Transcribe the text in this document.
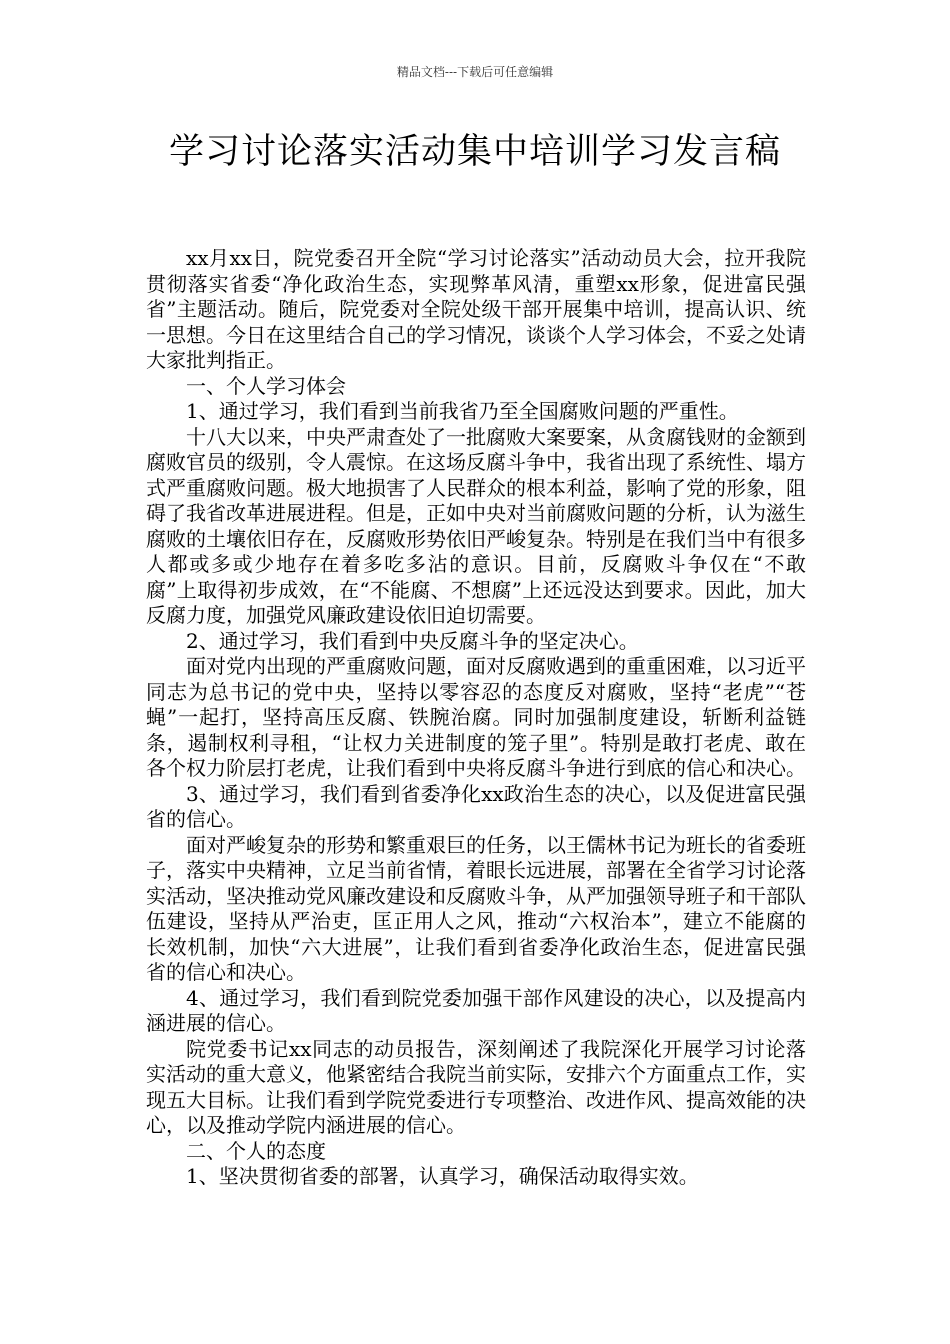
精品文档---下载后可任意编辑
学习讨论落实活动集中培训学习发言稿

xx月xx日，院党委召开全院“学习讨论落实”活动动员大会，拉开我院贯彻落实省委“净化政治生态，实现弊革风清，重塑xx形象，促进富民强省”主题活动。随后，院党委对全院处级干部开展集中培训，提高认识、统一思想。今日在这里结合自己的学习情况，谈谈个人学习体会，不妥之处请大家批判指正。

一、个人学习体会

1、通过学习，我们看到当前我省乃至全国腐败问题的严重性。

十八大以来，中央严肃查处了一批腐败大案要案，从贪腐钱财的金额到腐败官员的级别，令人震惊。在这场反腐斗争中，我省出现了系统性、塌方式严重腐败问题。极大地损害了人民群众的根本利益，影响了党的形象，阻碍了我省改革进展进程。但是，正如中央对当前腐败问题的分析，认为滋生腐败的土壤依旧存在，反腐败形势依旧严峻复杂。特别是在我们当中有很多人都或多或少地存在着多吃多沾的意识。目前，反腐败斗争仅在“不敢腐”上取得初步成效，在“不能腐、不想腐”上还远没达到要求。因此，加大反腐力度，加强党风廉政建设依旧迫切需要。

2、通过学习，我们看到中央反腐斗争的坚定决心。

面对党内出现的严重腐败问题，面对反腐败遇到的重重困难，以习近平同志为总书记的党中央，坚持以零容忍的态度反对腐败，坚持“老虎”“苍蝇”一起打，坚持高压反腐、铁腕治腐。同时加强制度建设，斩断利益链条，遏制权利寻租，“让权力关进制度的笼子里”。特别是敢打老虎、敢在各个权力阶层打老虎，让我们看到中央将反腐斗争进行到底的信心和决心。

3、通过学习，我们看到省委净化xx政治生态的决心，以及促进富民强省的信心。

面对严峻复杂的形势和繁重艰巨的任务，以王儒林书记为班长的省委班子，落实中央精神，立足当前省情，着眼长远进展，部署在全省学习讨论落实活动，坚决推动党风廉改建设和反腐败斗争，从严加强领导班子和干部队伍建设，坚持从严治吏，匡正用人之风，推动“六权治本”，建立不能腐的长效机制，加快“六大进展”，让我们看到省委净化政治生态，促进富民强省的信心和决心。

4、通过学习，我们看到院党委加强干部作风建设的决心，以及提高内涵进展的信心。

院党委书记xx同志的动员报告，深刻阐述了我院深化开展学习讨论落实活动的重大意义，他紧密结合我院当前实际，安排六个方面重点工作，实现五大目标。让我们看到学院党委进行专项整治、改进作风、提高效能的决心，以及推动学院内涵进展的信心。

二、个人的态度

1、坚决贯彻省委的部署，认真学习，确保活动取得实效。
